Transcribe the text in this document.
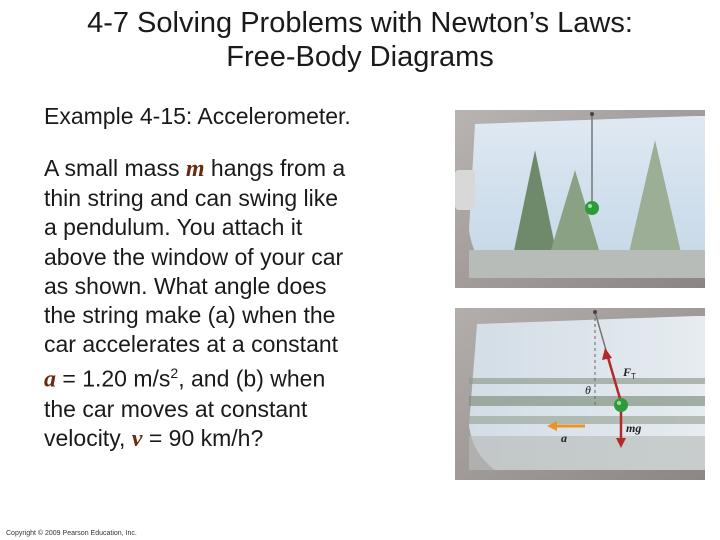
4-7 Solving Problems with Newton’s Laws:
Free-Body Diagrams
Example 4-15: Accelerometer.
A small mass m hangs from a
thin string and can swing like
a pendulum. You attach it
above the window of your car
as shown. What angle does
the string make (a) when the
car accelerates at a constant
a = 1.20 $m/s^2$, and (b) when
the car moves at constant
velocity, v = 90 km/h?
θ
F T
mg
a
Copyright © 2009 Pearson Education, Inc.
